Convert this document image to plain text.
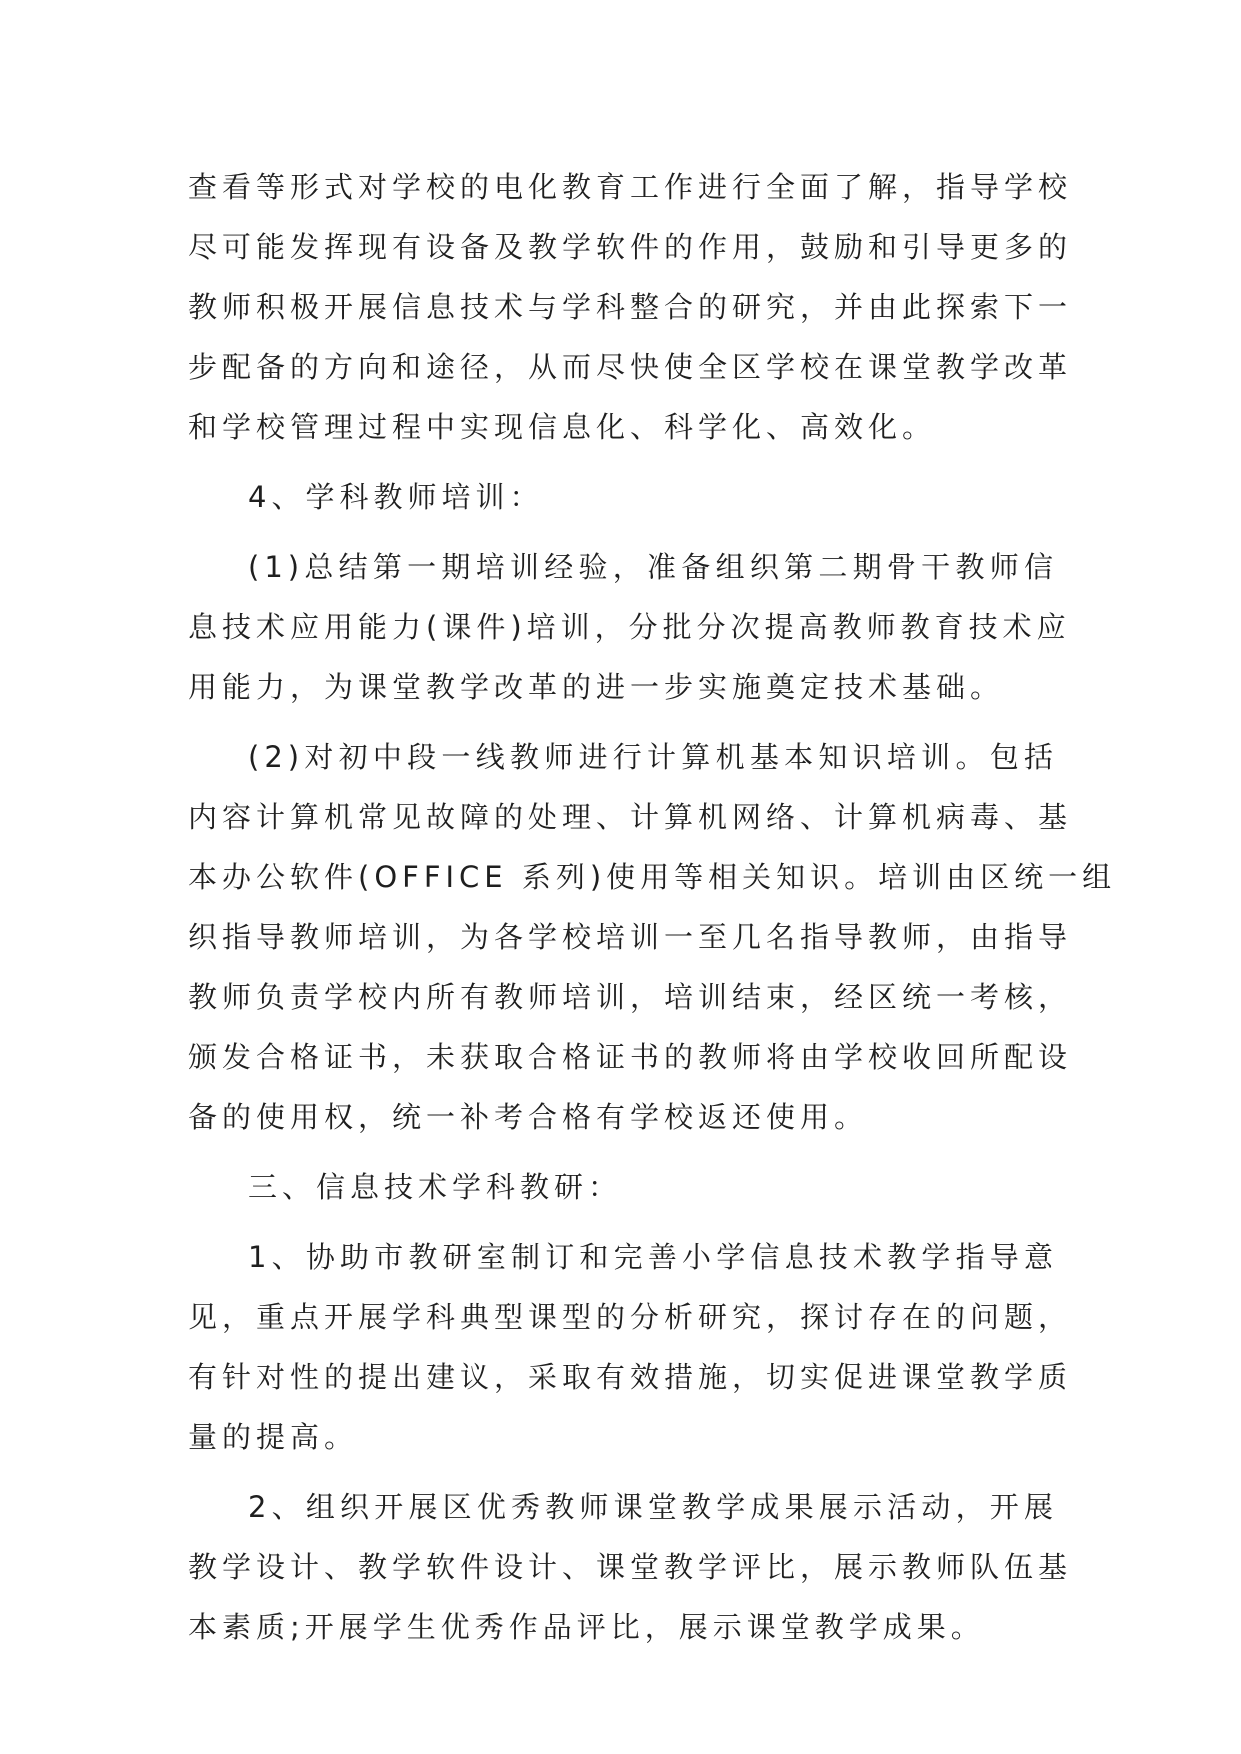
查看等形式对学校的电化教育工作进行全面了解，指导学校
尽可能发挥现有设备及教学软件的作用，鼓励和引导更多的
教师积极开展信息技术与学科整合的研究，并由此探索下一
步配备的方向和途径，从而尽快使全区学校在课堂教学改革
和学校管理过程中实现信息化、科学化、高效化。
4、学科教师培训：
(1)总结第一期培训经验，准备组织第二期骨干教师信
息技术应用能力(课件)培训，分批分次提高教师教育技术应
用能力，为课堂教学改革的进一步实施奠定技术基础。
(2)对初中段一线教师进行计算机基本知识培训。包括
内容计算机常见故障的处理、计算机网络、计算机病毒、基
本办公软件(OFFICE 系列)使用等相关知识。培训由区统一组
织指导教师培训，为各学校培训一至几名指导教师，由指导
教师负责学校内所有教师培训，培训结束，经区统一考核，
颁发合格证书，未获取合格证书的教师将由学校收回所配设
备的使用权，统一补考合格有学校返还使用。
三、信息技术学科教研：
1、协助市教研室制订和完善小学信息技术教学指导意
见，重点开展学科典型课型的分析研究，探讨存在的问题，
有针对性的提出建议，采取有效措施，切实促进课堂教学质
量的提高。
2、组织开展区优秀教师课堂教学成果展示活动，开展
教学设计、教学软件设计、课堂教学评比，展示教师队伍基
本素质;开展学生优秀作品评比，展示课堂教学成果。
